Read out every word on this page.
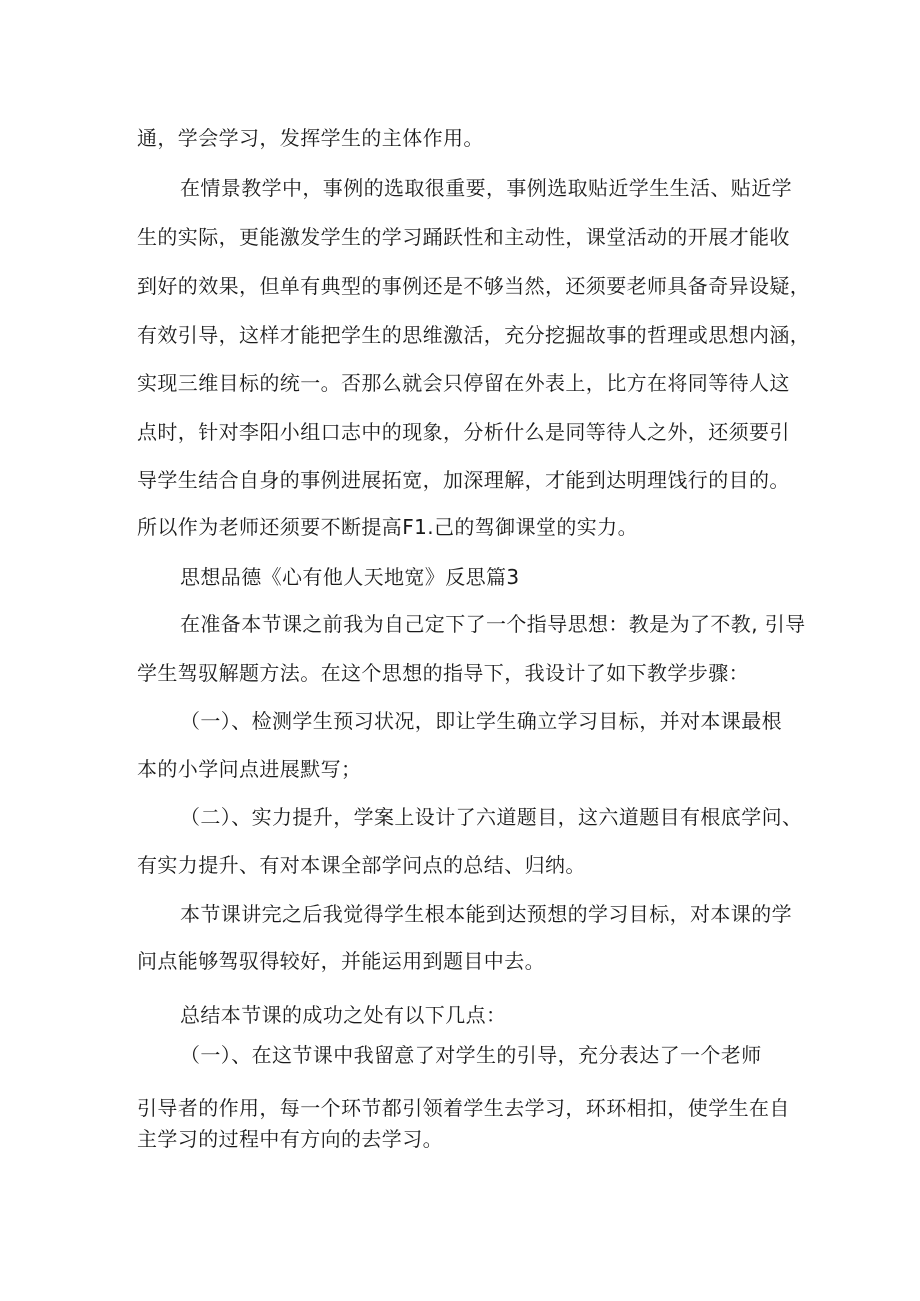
通，学会学习，发挥学生的主体作用。

在情景教学中，事例的选取很重要，事例选取贴近学生生活、贴近学

生的实际，更能激发学生的学习踊跃性和主动性，课堂活动的开展才能收

到好的效果，但单有典型的事例还是不够当然，还须要老师具备奇异设疑，

有效引导，这样才能把学生的思维激活，充分挖掘故事的哲理或思想内涵，

实现三维目标的统一。否那么就会只停留在外表上，比方在将同等待人这

点时，针对李阳小组口志中的现象，分析什么是同等待人之外，还须要引

导学生结合自身的事例进展拓宽，加深理解，才能到达明理饯行的目的。

所以作为老师还须要不断提高F1.己的驾御课堂的实力。

思想品德《心有他人天地宽》反思篇3

在准备本节课之前我为自己定下了一个指导思想：教是为了不教, 引导

学生驾驭解题方法。在这个思想的指导下，我设计了如下教学步骤：

（一）、检测学生预习状况，即让学生确立学习目标，并对本课最根

本的小学问点进展默写；

（二）、实力提升，学案上设计了六道题目，这六道题目有根底学问、

有实力提升、有对本课全部学问点的总结、归纳。

本节课讲完之后我觉得学生根本能到达预想的学习目标，对本课的学

问点能够驾驭得较好，并能运用到题目中去。

总结本节课的成功之处有以下几点：

（一）、在这节课中我留意了对学生的引导，充分表达了一个老师

引导者的作用，每一个环节都引领着学生去学习，环环相扣，使学生在自

主学习的过程中有方向的去学习。
